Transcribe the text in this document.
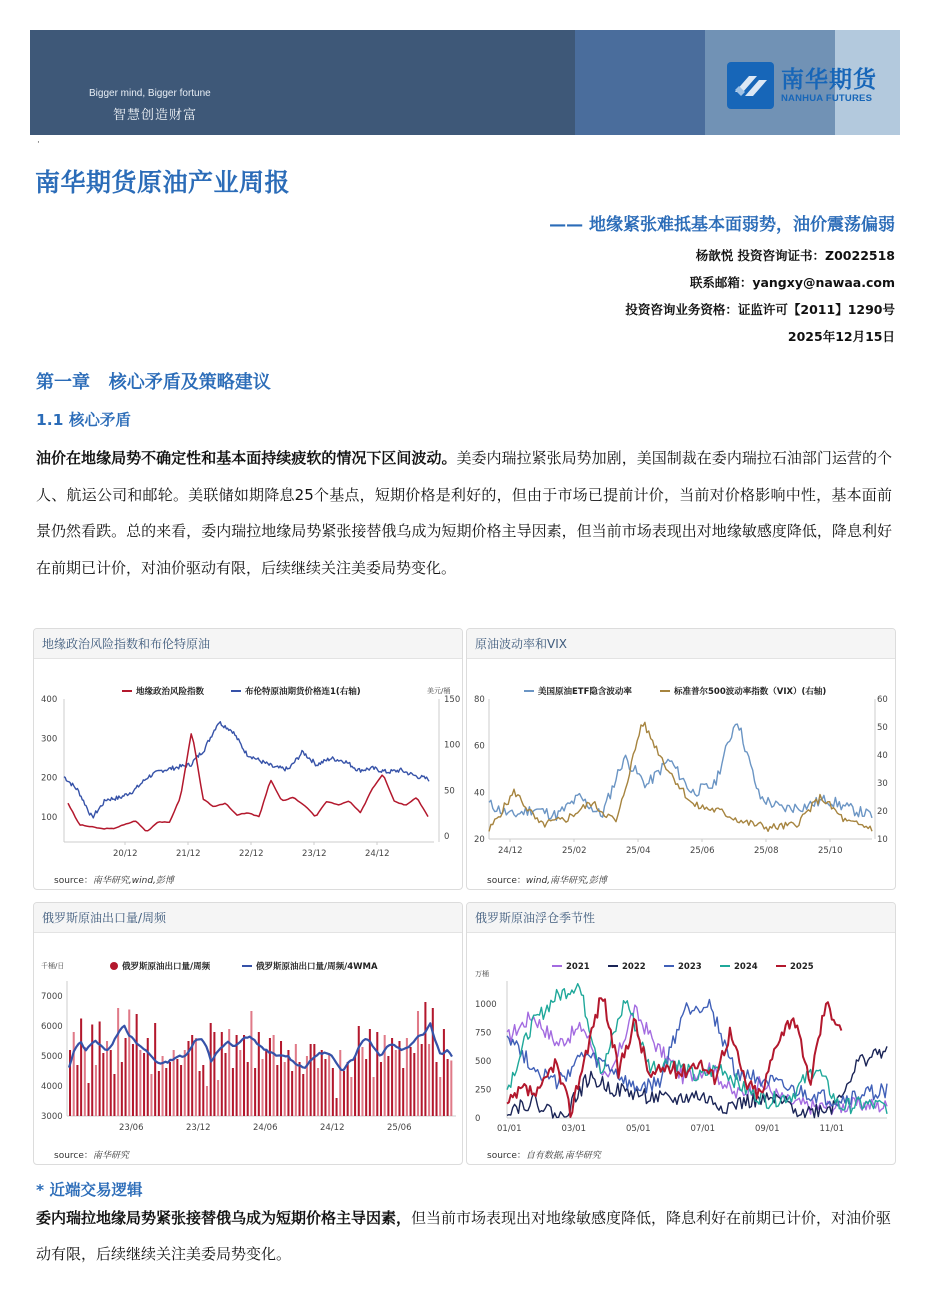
Bigger mind, Bigger fortune
智慧创造财富
南华期货
NANHUA FUTURES
·
南华期货原油产业周报
—— 地缘紧张难抵基本面弱势，油价震荡偏弱
杨歆悦 投资咨询证书：Z0022518
联系邮箱：yangxy@nawaa.com
投资咨询业务资格：证监许可【2011】1290号
2025年12月15日
第一章   核心矛盾及策略建议
1.1 核心矛盾
油价在地缘局势不确定性和基本面持续疲软的情况下区间波动。美委内瑞拉紧张局势加剧，美国制裁在委内瑞拉石油部门运营的个人、航运公司和邮轮。美联储如期降息25个基点，短期价格是利好的，但由于市场已提前计价，当前对价格影响中性，基本面前景仍然看跌。总的来看，委内瑞拉地缘局势紧张接替俄乌成为短期价格主导因素，但当前市场表现出对地缘敏感度降低，降息利好在前期已计价，对油价驱动有限，后续继续关注美委局势变化。
地缘政治风险指数和布伦特原油
100
200
300
400
0
50
100
150
美元/桶
20/12	21/12	22/12	23/12	24/12
地缘政治风险指数	布伦特原油期货价格连1(右轴)
source：南华研究,wind,彭博
原油波动率和VIX
20
40
60
80
10
20
30
40
50
60
24/12	25/02	25/04	25/06	25/08	25/10
美国原油ETF隐含波动率	标准普尔500波动率指数（VIX）(右轴)
source：wind,南华研究,彭博
俄罗斯原油出口量/周频
3000
4000
5000
6000
7000
千桶/日
23/06	23/12	24/06	24/12	25/06
俄罗斯原油出口量/周频	俄罗斯原油出口量/周频/4WMA
source：南华研究
俄罗斯原油浮仓季节性
0
250
500
750
1000
万桶
01/01	03/01	05/01	07/01	09/01	11/01
2021	2022	2023	2024	2025
source：自有数据,南华研究
* 近端交易逻辑
委内瑞拉地缘局势紧张接替俄乌成为短期价格主导因素，但当前市场表现出对地缘敏感度降低，降息利好在前期已计价，对油价驱动有限，后续继续关注美委局势变化。
